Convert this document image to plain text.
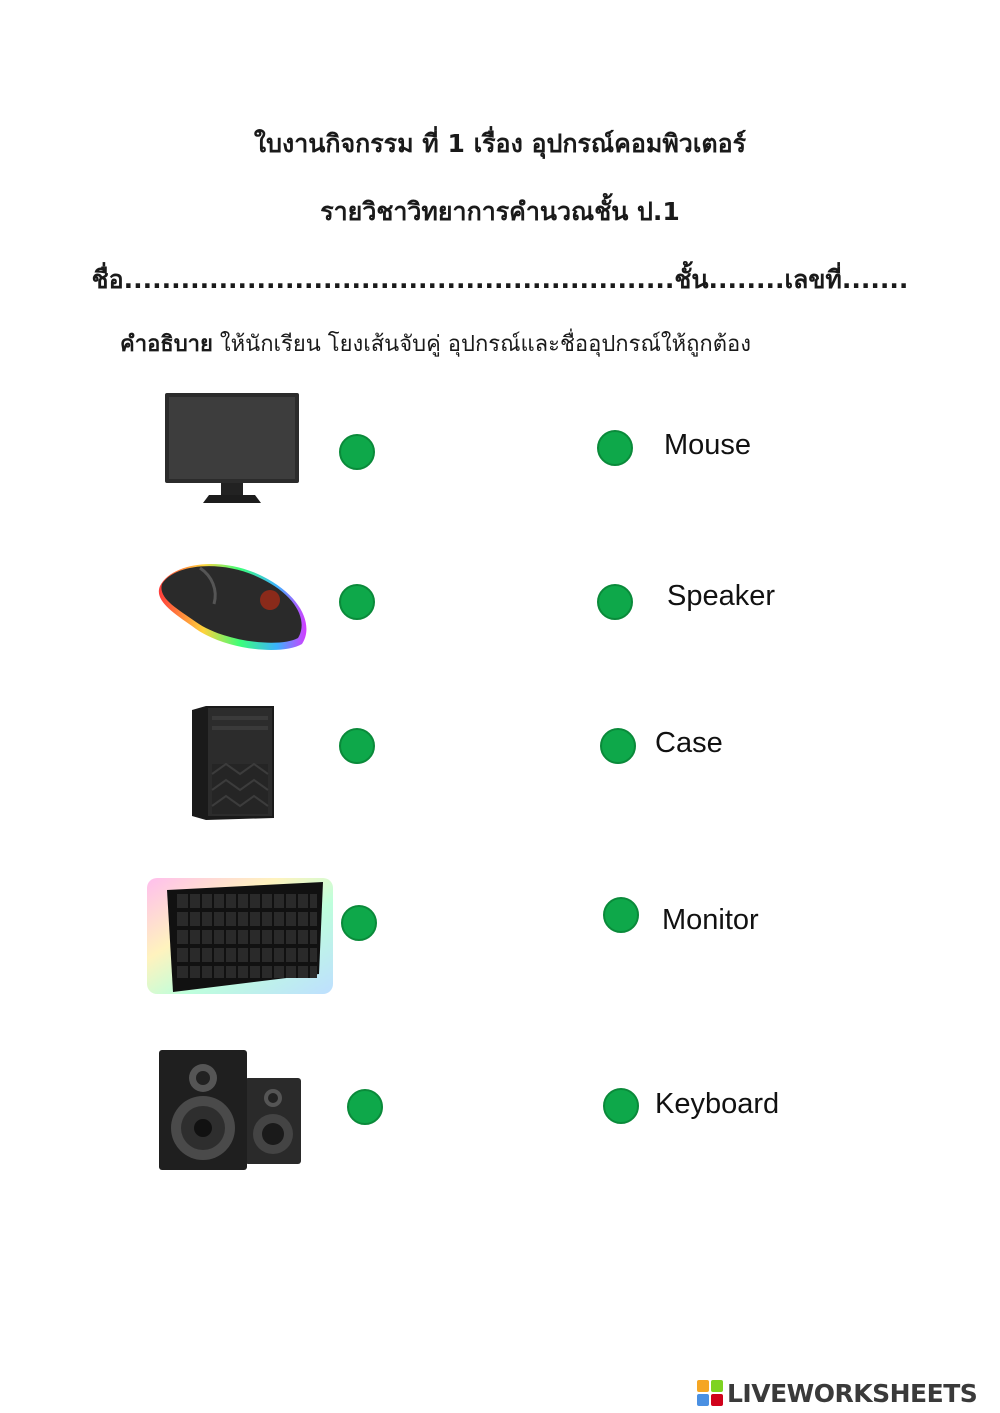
ใบงานกิจกรรม ที่ 1 เรื่อง อุปกรณ์คอมพิวเตอร์
รายวิชาวิทยาการคำนวณชั้น ป.1
ชื่อ..........................................................ชั้น........เลขที่.......
คำอธิบาย ให้นักเรียน โยงเส้นจับคู่ อุปกรณ์และชื่ออุปกรณ์ให้ถูกต้อง
Mouse
Speaker
Case
Monitor
Keyboard
LIVEWORKSHEETS
